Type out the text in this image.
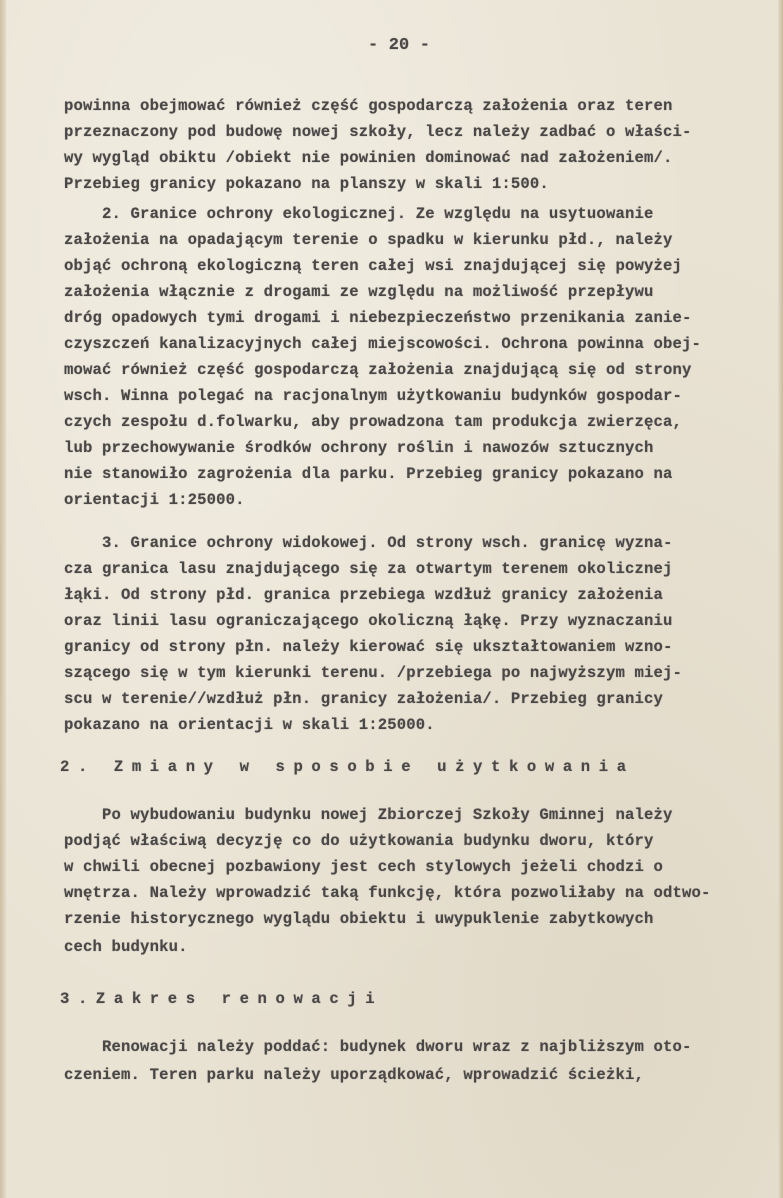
- 20 -

powinna obejmować również część gospodarczą założenia oraz teren

przeznaczony pod budowę nowej szkoły, lecz należy zadbać o właści-

wy wygląd obiktu /obiekt nie powinien dominować nad założeniem/.

Przebieg granicy pokazano na planszy w skali 1:500.

2. Granice ochrony ekologicznej. Ze względu na usytuowanie

założenia na opadającym terenie o spadku w kierunku płd., należy

objąć ochroną ekologiczną teren całej wsi znajdującej się powyżej

założenia włącznie z drogami ze względu na możliwość przepływu

dróg opadowych tymi drogami i niebezpieczeństwo przenikania zanie-

czyszczeń kanalizacyjnych całej miejscowości. Ochrona powinna obej-

mować również część gospodarczą założenia znajdującą się od strony

wsch. Winna polegać na racjonalnym użytkowaniu budynków gospodar-

czych zespołu d.folwarku, aby prowadzona tam produkcja zwierzęca,

lub przechowywanie środków ochrony roślin i nawozów sztucznych

nie stanowiło zagrożenia dla parku. Przebieg granicy pokazano na

orientacji 1:25000.

3. Granice ochrony widokowej. Od strony wsch. granicę wyzna-

cza granica lasu znajdującego się za otwartym terenem okolicznej

łąki. Od strony płd. granica przebiega wzdłuż granicy założenia

oraz linii lasu ograniczającego okoliczną łąkę. Przy wyznaczaniu

granicy od strony płn. należy kierować się ukształtowaniem wzno-

szącego się w tym kierunki terenu. /przebiega po najwyższym miej-

scu w terenie//wzdłuż płn. granicy założenia/. Przebieg granicy

pokazano na orientacji w skali 1:25000.

2. Zmiany w sposobie użytkowania

Po wybudowaniu budynku nowej Zbiorczej Szkoły Gminnej należy

podjąć właściwą decyzję co do użytkowania budynku dworu, który

w chwili obecnej pozbawiony jest cech stylowych jeżeli chodzi o

wnętrza. Należy wprowadzić taką funkcję, która pozwoliłaby na odtwo-

rzenie historycznego wyglądu obiektu i uwypuklenie zabytkowych

cech budynku.

3.Zakres renowacji

Renowacji należy poddać: budynek dworu wraz z najbliższym oto-

czeniem. Teren parku należy uporządkować, wprowadzić ścieżki,
